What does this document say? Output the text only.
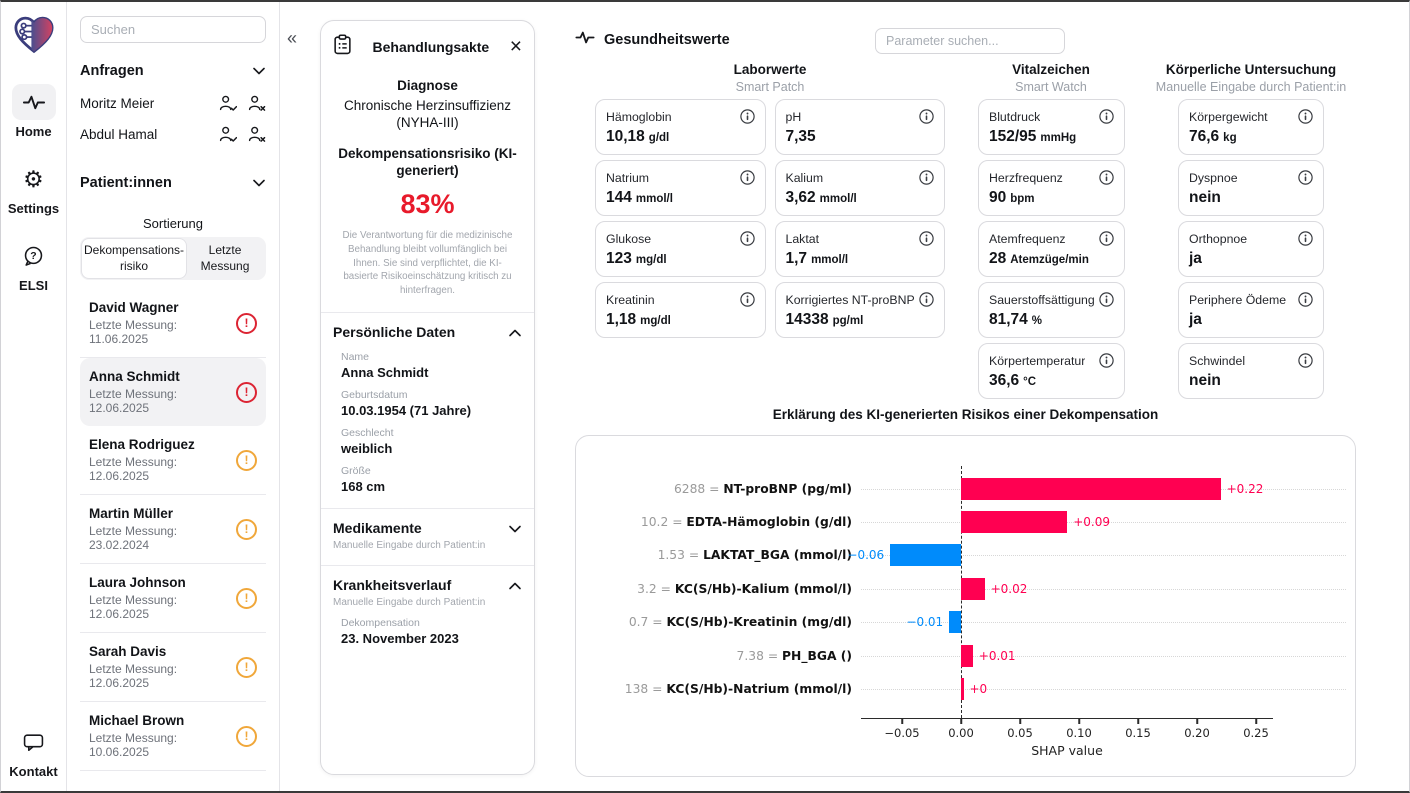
Home
⚙
Settings
?
ELSI
Kontakt
Suchen
Anfragen
Moritz Meier
Abdul Hamal
Patient:innen
Sortierung
Dekompensations-risiko
Letzte Messung
David Wagner
Letzte Messung: 11.06.2025
!
Anna Schmidt
Letzte Messung: 12.06.2025
!
Elena Rodriguez
Letzte Messung: 12.06.2025
!
Martin Müller
Letzte Messung: 23.02.2024
!
Laura Johnson
Letzte Messung: 12.06.2025
!
Sarah Davis
Letzte Messung: 12.06.2025
!
Michael Brown
Letzte Messung: 10.06.2025
!
«	Behandlungsakte ×
Diagnose
Chronische Herzinsuffizienz (NYHA-III)
Dekompensationsrisiko (KI-generiert)
83%
Die Verantwortung für die medizinische Behandlung bleibt vollumfänglich bei Ihnen. Sie sind verpflichtet, die KI-basierte Risikoeinschätzung kritisch zu hinterfragen.
Persönliche Daten
Name
Anna Schmidt
Geburtsdatum
10.03.1954 (71 Jahre)
Geschlecht
weiblich
Größe
168 cm
Medikamente
Manuelle Eingabe durch Patient:in
Krankheitsverlauf
Manuelle Eingabe durch Patient:in
Dekompensation
23. November 2023
Gesundheitswerte
Parameter suchen...
Laborwerte
Smart Patch
Vitalzeichen
Smart Watch
Körperliche Untersuchung
Manuelle Eingabe durch Patient:in
Hämoglobin
10,18 g/dl
pH
7,35
Natrium
144 mmol/l
Kalium
3,62 mmol/l
Glukose
123 mg/dl
Laktat
1,7 mmol/l
Kreatinin
1,18 mg/dl
Korrigiertes NT-proBNP
14338 pg/ml
Blutdruck
152/95 mmHg
Herzfrequenz
90 bpm
Atemfrequenz
28 Atemzüge/min
Sauerstoffsättigung
81,74 %
Körpertemperatur
36,6 °C
Körpergewicht
76,6 kg
Dyspnoe
nein
Orthopnoe
ja
Periphere Ödeme
ja
Schwindel
nein
Erklärung des KI-generierten Risikos einer Dekompensation
6288 = NT-proBNP (pg/ml)	+0.22
10.2 = EDTA-Hämoglobin (g/dl)	+0.09
1.53 = LAKTAT_BGA (mmol/l)
−0.06
3.2 = KC(S/Hb)-Kalium (mmol/l)	+0.02
0.7 = KC(S/Hb)-Kreatinin (mg/dl)	−0.01
7.38 = PH_BGA ()	+0.01
138 = KC(S/Hb)-Natrium (mmol/l)	+0
SHAP value
−0.05 0.00	0.05	0.10	0.15	0.20	0.25
